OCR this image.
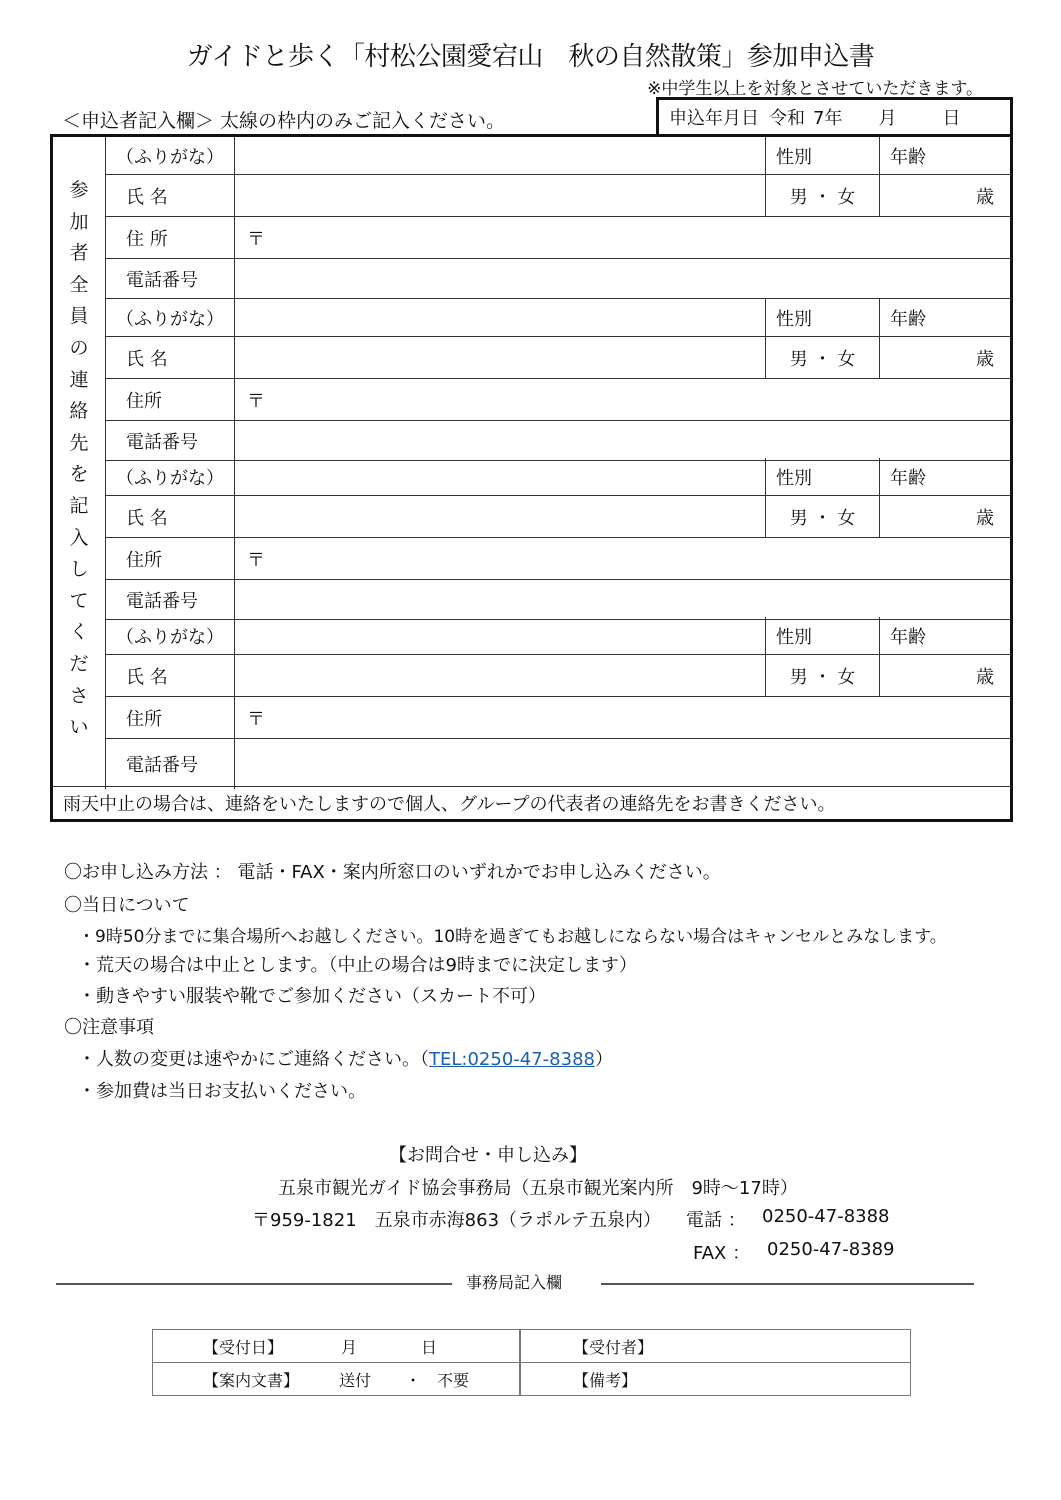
ガイドと歩く「村松公園愛宕山　秋の自然散策」参加申込書
※中学生以上を対象とさせていただきます。
＜申込者記入欄＞ 太線の枠内のみご記入ください。	申込年月日 令和 7年 月	日
参
加
者
全
員
の
連
絡
先
を
記
入
し
て
く
だ
さ
い
（ふりがな）	性別	年齢
氏 名	男 ・ 女	歳
住 所	〒
電話番号
（ふりがな）	性別	年齢
氏 名	男 ・ 女	歳
住所	〒
電話番号
（ふりがな）	性別	年齢
氏 名	男 ・ 女	歳
住所	〒
電話番号
（ふりがな）	性別	年齢
氏 名	男 ・ 女	歳
住所	〒
電話番号
雨天中止の場合は、連絡をいたしますので個人、グループの代表者の連絡先をお書きください。
〇お申し込み方法 ： 電話・FAX・案内所窓口のいずれかでお申し込みください。
〇当日について
・9時50分までに集合場所へお越しください。10時を過ぎてもお越しにならない場合はキャンセルとみなします。
・荒天の場合は中止とします。（中止の場合は9時までに決定します）
・動きやすい服装や靴でご参加ください（スカート不可）
〇注意事項
・人数の変更は速やかにご連絡ください。（TEL:0250-47-8388）
・参加費は当日お支払いください。
【お問合せ・申し込み】
五泉市観光ガイド協会事務局（五泉市観光案内所　9時～17時）
〒959-1821　五泉市赤海863（ラポルテ五泉内） 電話 ： 0250-47-8388
FAX ： 0250-47-8389
事務局記入欄
【受付日】	月	日	【受付者】
【案内文書】 送付 ・ 不要	【備考】
